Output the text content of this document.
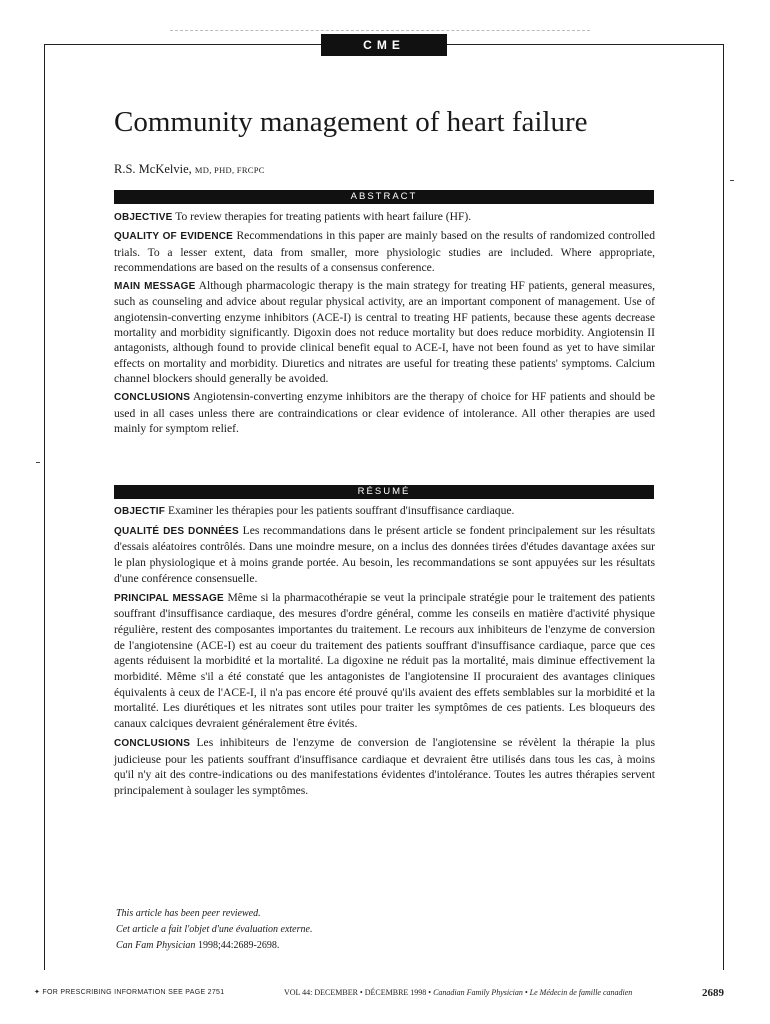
CME
Community management of heart failure
R.S. McKelvie, MD, PHD, FRCPC
ABSTRACT

OBJECTIVE To review therapies for treating patients with heart failure (HF).

QUALITY OF EVIDENCE Recommendations in this paper are mainly based on the results of randomized controlled trials. To a lesser extent, data from smaller, more physiologic studies are included. Where appropriate, recommendations are based on the results of a consensus conference.

MAIN MESSAGE Although pharmacologic therapy is the main strategy for treating HF patients, general measures, such as counseling and advice about regular physical activity, are an important component of management. Use of angiotensin-converting enzyme inhibitors (ACE-I) is central to treating HF patients, because these agents decrease mortality and morbidity significantly. Digoxin does not reduce mortality but does reduce morbidity. Angiotensin II antagonists, although found to provide clinical benefit equal to ACE-I, have not been found as yet to have similar effects on mortality and morbidity. Diuretics and nitrates are useful for treating these patients' symptoms. Calcium channel blockers should generally be avoided.

CONCLUSIONS Angiotensin-converting enzyme inhibitors are the therapy of choice for HF patients and should be used in all cases unless there are contraindications or clear evidence of intolerance. All other therapies are used mainly for symptom relief.

RÉSUMÉ

OBJECTIF Examiner les thérapies pour les patients souffrant d'insuffisance cardiaque.

QUALITÉ DES DONNÉES Les recommandations dans le présent article se fondent principalement sur les résultats d'essais aléatoires contrôlés. Dans une moindre mesure, on a inclus des données tirées d'études davantage axées sur le plan physiologique et à moins grande portée. Au besoin, les recommandations se sont appuyées sur les résultats d'une conférence consensuelle.

PRINCIPAL MESSAGE Même si la pharmacothérapie se veut la principale stratégie pour le traitement des patients souffrant d'insuffisance cardiaque, des mesures d'ordre général, comme les conseils en matière d'activité physique régulière, restent des composantes importantes du traitement. Le recours aux inhibiteurs de l'enzyme de conversion de l'angiotensine (ACE-I) est au coeur du traitement des patients souffrant d'insuffisance cardiaque, parce que ces agents réduisent la morbidité et la mortalité. La digoxine ne réduit pas la mortalité, mais diminue effectivement la morbidité. Même s'il a été constaté que les antagonistes de l'angiotensine II procuraient des avantages cliniques équivalents à ceux de l'ACE-I, il n'a pas encore été prouvé qu'ils avaient des effets semblables sur la morbidité et la mortalité. Les diurétiques et les nitrates sont utiles pour traiter les symptômes de ces patients. Les bloqueurs des canaux calciques devraient généralement être évités.

CONCLUSIONS Les inhibiteurs de l'enzyme de conversion de l'angiotensine se révèlent la thérapie la plus judicieuse pour les patients souffrant d'insuffisance cardiaque et devraient être utilisés dans tous les cas, à moins qu'il n'y ait des contre-indications ou des manifestations évidentes d'intolérance. Toutes les autres thérapies servent principalement à soulager les symptômes.

This article has been peer reviewed.
Cet article a fait l'objet d'une évaluation externe.
Can Fam Physician 1998;44:2689-2698.
✦ FOR PRESCRIBING INFORMATION SEE PAGE 2751	VOL 44: DECEMBER • DÉCEMBRE 1998 • Canadian Family Physician • Le Médecin de famille canadien	2689
